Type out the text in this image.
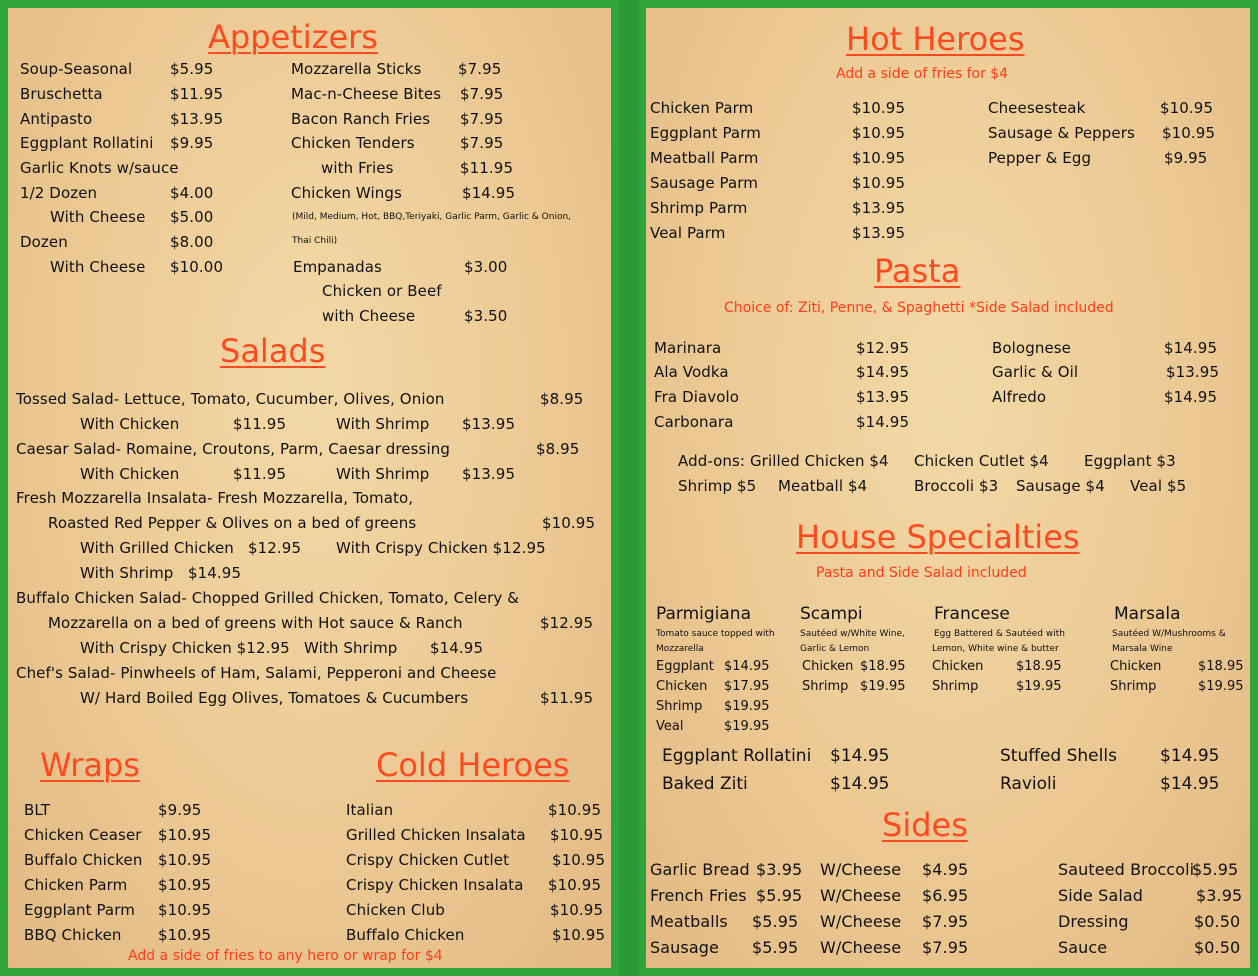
Appetizers
Soup-Seasonal	$5.95
Bruschetta	$11.95
Antipasto	$13.95
Eggplant Rollatini $9.95
Garlic Knots w/sauce
1/2 Dozen	$4.00
With Cheese $5.00
Dozen	$8.00
With Cheese $10.00
Mozzarella Sticks $7.95
Mac-n-Cheese Bites $7.95
Bacon Ranch Fries $7.95
Chicken Tenders	$7.95
with Fries	$11.95
Chicken Wings	$14.95
(Mild, Medium, Hot, BBQ,Teriyaki, Garlic Parm, Garlic & Onion,
Thai Chili)
Empanadas	$3.00
Chicken or Beef
with Cheese	$3.50
Salads
Tossed Salad- Lettuce, Tomato, Cucumber, Olives, Onion	$8.95
With Chicken	$11.95	With Shrimp $13.95
Caesar Salad- Romaine, Croutons, Parm, Caesar dressing	$8.95
With Chicken	$11.95	With Shrimp $13.95
Fresh Mozzarella Insalata- Fresh Mozzarella, Tomato,
Roasted Red Pepper & Olives on a bed of greens	$10.95
With Grilled Chicken $12.95 With Crispy Chicken $12.95
With Shrimp $14.95
Buffalo Chicken Salad- Chopped Grilled Chicken, Tomato, Celery &
Mozzarella on a bed of greens with Hot sauce & Ranch	$12.95
With Crispy Chicken $12.95 With Shrimp $14.95
Chef's Salad- Pinwheels of Ham, Salami, Pepperoni and Cheese
W/ Hard Boiled Egg Olives, Tomatoes & Cucumbers	$11.95
Wraps
BLT	$9.95
Chicken Ceaser $10.95
Buffalo Chicken $10.95
Chicken Parm $10.95
Eggplant Parm $10.95
BBQ Chicken $10.95
Cold Heroes
Italian	$10.95
Grilled Chicken Insalata $10.95
Crispy Chicken Cutlet	$10.95
Crispy Chicken Insalata $10.95
Chicken Club	$10.95
Buffalo Chicken	$10.95
Add a side of fries to any hero or wrap for $4
Hot Heroes
Add a side of fries for $4
Chicken Parm	$10.95
Eggplant Parm	$10.95
Meatball Parm	$10.95
Sausage Parm	$10.95
Shrimp Parm	$13.95
Veal Parm	$13.95
Cheesesteak	$10.95
Sausage & Peppers $10.95
Pepper & Egg	$9.95
Pasta
Choice of: Ziti, Penne, & Spaghetti *Side Salad included
Marinara	$12.95
Ala Vodka	$14.95
Fra Diavolo	$13.95
Carbonara	$14.95
Bolognese	$14.95
Garlic & Oil	$13.95
Alfredo	$14.95
Add-ons: Grilled Chicken $4 Chicken Cutlet $4 Eggplant $3
Shrimp $5 Meatball $4	Broccoli $3 Sausage $4 Veal $5
House Specialties
Pasta and Side Salad included
Parmigiana
Tomato sauce topped with
Mozzarella
Eggplant $14.95
Chicken $17.95
Shrimp $19.95
Veal	$19.95
Scampi
Sautéed w/White Wine,
Garlic & Lemon
Chicken $18.95
Shrimp $19.95
Francese
Egg Battered & Sautéed with
Lemon, White wine & butter
Chicken	$18.95
Shrimp	$19.95
Marsala
Sautéed W/Mushrooms &
Marsala Wine
Chicken	$18.95
Shrimp	$19.95
Eggplant Rollatini $14.95
Baked Ziti	$14.95
Stuffed Shells	$14.95
Ravioli	$14.95
Sides
Garlic Bread $3.95 W/Cheese $4.95
French Fries $5.95 W/Cheese $6.95
Meatballs $5.95 W/Cheese $7.95
Sausage $5.95 W/Cheese $7.95
Sauteed Broccoli
$5.95
Side Salad	$3.95
Dressing	$0.50
Sauce	$0.50
